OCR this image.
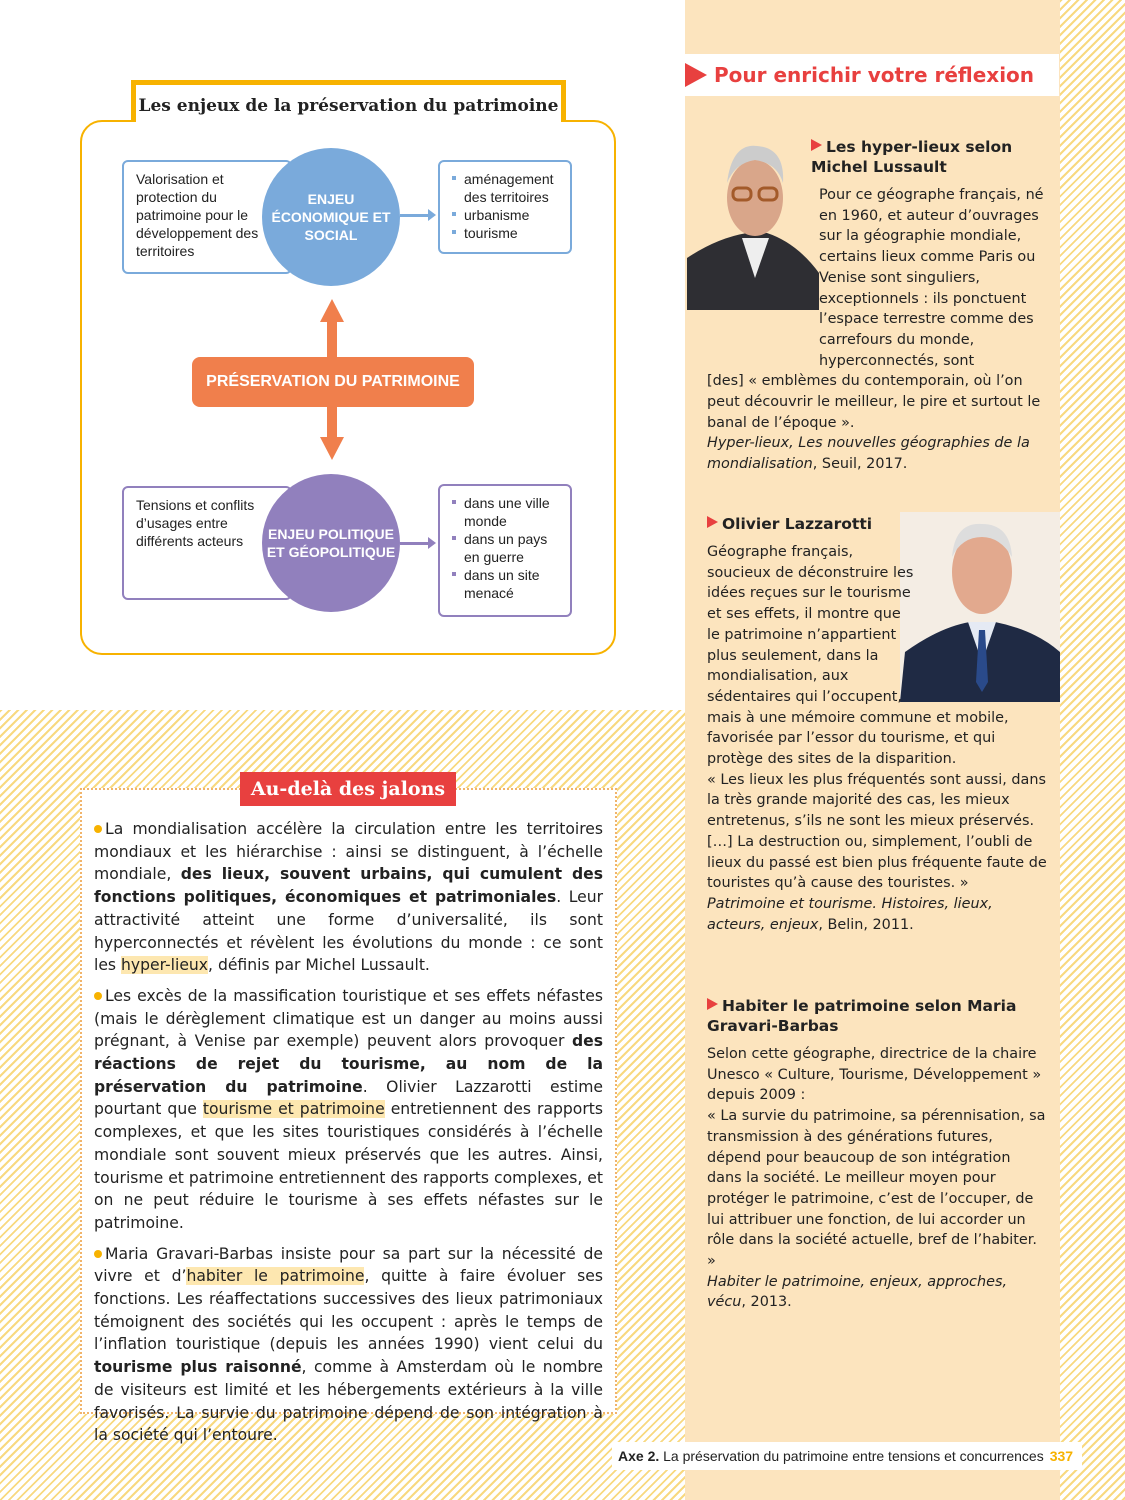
Les enjeux de la préservation du patrimoine
Valorisation et protection du patrimoine pour le développement des territoires
ENJEU ÉCONOMIQUE ET SOCIAL
aménagement des territoires
urbanisme
tourisme
PRÉSERVATION DU PATRIMOINE
Tensions et conflits d’usages entre différents acteurs	ENJEU POLITIQUE ET GÉOPOLITIQUE
dans une ville monde
dans un pays en guerre
dans un site menacé
Au-delà des jalons

La mondialisation accélère la circulation entre les territoires mondiaux et les hiérarchise : ainsi se distinguent, à l’échelle mondiale, des lieux, souvent urbains, qui cumulent des fonctions politiques, économiques et patrimoniales. Leur attractivité atteint une forme d’universalité, ils sont hyperconnectés et révèlent les évolutions du monde : ce sont les hyper-lieux, définis par Michel Lussault.

Les excès de la massification touristique et ses effets néfastes (mais le dérèglement climatique est un danger au moins aussi prégnant, à Venise par exemple) peuvent alors provoquer des réactions de rejet du tourisme, au nom de la préservation du patrimoine. Olivier Lazzarotti estime pourtant que tourisme et patrimoine entretiennent des rapports complexes, et que les sites touristiques considérés à l’échelle mondiale sont souvent mieux préservés que les autres. Ainsi, tourisme et patrimoine entretiennent des rapports complexes, et on ne peut réduire le tourisme à ses effets néfastes sur le patrimoine.

Maria Gravari-Barbas insiste pour sa part sur la nécessité de vivre et d’habiter le patrimoine, quitte à faire évoluer ses fonctions. Les réaffectations successives des lieux patrimoniaux témoignent des sociétés qui les occupent : après le temps de l’inflation touristique (depuis les années 1990) vient celui du tourisme plus raisonné, comme à Amsterdam où le nombre de visiteurs est limité et les hébergements extérieurs à la ville favorisés. La survie du patrimoine dépend de son intégration à la société qui l’entoure.

Pour enrichir votre réflexion
Les hyper-lieux selon Michel Lussault

Pour ce géographe français, né en 1960, et auteur d’ouvrages sur la géographie mondiale, certains lieux comme Paris ou Venise sont singuliers, exceptionnels : ils ponctuent l’espace terrestre comme des carrefours du monde, hyperconnectés, sont

[des] « emblèmes du contemporain, où l’on peut découvrir le meilleur, le pire et surtout le banal de l’époque ».

Hyper-lieux, Les nouvelles géographies de la mondialisation, Seuil, 2017.

Olivier Lazzarotti

Géographe français, soucieux de déconstruire les idées reçues sur le tourisme et ses effets, il montre que le patrimoine n’appartient plus seulement, dans la mondialisation, aux sédentaires qui l’occupent, mais à une mémoire commune et mobile, favorisée par l’essor du tourisme, et qui protège des sites de la disparition.

« Les lieux les plus fréquentés sont aussi, dans la très grande majorité des cas, les mieux entretenus, s’ils ne sont les mieux préservés. […] La destruction ou, simplement, l’oubli de lieux du passé est bien plus fréquente faute de touristes qu’à cause des touristes. »

Patrimoine et tourisme. Histoires, lieux, acteurs, enjeux, Belin, 2011.

Habiter le patrimoine selon Maria Gravari-Barbas

Selon cette géographe, directrice de la chaire Unesco « Culture, Tourisme, Développement » depuis 2009 :

« La survie du patrimoine, sa pérennisation, sa transmission à des générations futures, dépend pour beaucoup de son intégration dans la société. Le meilleur moyen pour protéger le patrimoine, c’est de l’occuper, de lui attribuer une fonction, de lui accorder un rôle dans la société actuelle, bref de l’habiter. »

Habiter le patrimoine, enjeux, approches, vécu, 2013.

Axe 2. La préservation du patrimoine entre tensions et concurrences 337
